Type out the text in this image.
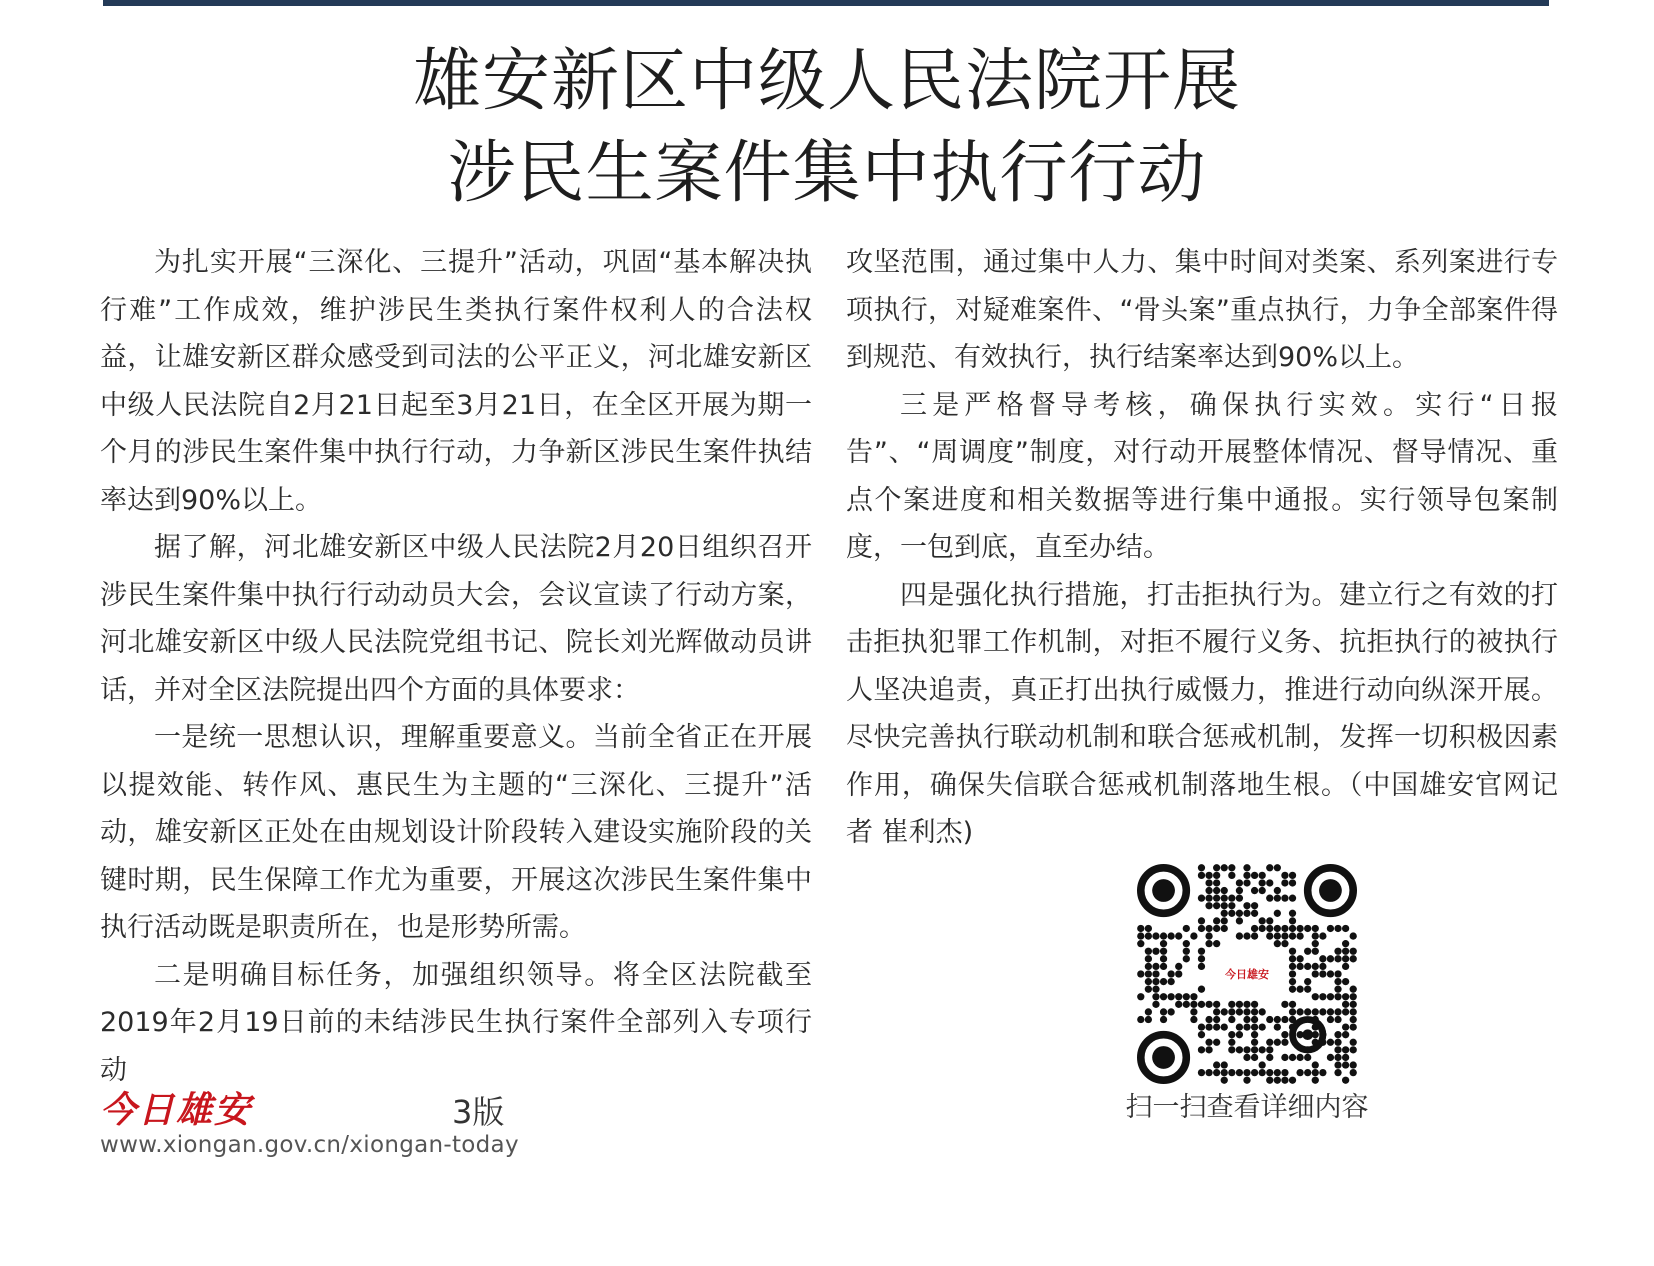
雄安新区中级人民法院开展
涉民生案件集中执行行动

为扎实开展“三深化、三提升”活动，巩固“基本解决执行难”工作成效，维护涉民生类执行案件权利人的合法权益，让雄安新区群众感受到司法的公平正义，河北雄安新区中级人民法院自2月21日起至3月21日，在全区开展为期一个月的涉民生案件集中执行行动，力争新区涉民生案件执结率达到90%以上。

据了解，河北雄安新区中级人民法院2月20日组织召开涉民生案件集中执行行动动员大会，会议宣读了行动方案，河北雄安新区中级人民法院党组书记、院长刘光辉做动员讲话，并对全区法院提出四个方面的具体要求：

一是统一思想认识，理解重要意义。当前全省正在开展以提效能、转作风、惠民生为主题的“三深化、三提升”活动，雄安新区正处在由规划设计阶段转入建设实施阶段的关键时期，民生保障工作尤为重要，开展这次涉民生案件集中执行活动既是职责所在，也是形势所需。

二是明确目标任务，加强组织领导。将全区法院截至2019年2月19日前的未结涉民生执行案件全部列入专项行动

攻坚范围，通过集中人力、集中时间对类案、系列案进行专项执行，对疑难案件、“骨头案”重点执行，力争全部案件得到规范、有效执行，执行结案率达到90%以上。

三是严格督导考核，确保执行实效。实行“日报告”、“周调度”制度，对行动开展整体情况、督导情况、重点个案进度和相关数据等进行集中通报。实行领导包案制度，一包到底，直至办结。

四是强化执行措施，打击拒执行为。建立行之有效的打击拒执犯罪工作机制，对拒不履行义务、抗拒执行的被执行人坚决追责，真正打出执行威慑力，推进行动向纵深开展。尽快完善执行联动机制和联合惩戒机制，发挥一切积极因素作用，确保失信联合惩戒机制落地生根。（中国雄安官网记者 崔利杰)

今日雄安
扫一扫查看详细内容
今日雄安	3版
www.xiongan.gov.cn/xiongan-today
